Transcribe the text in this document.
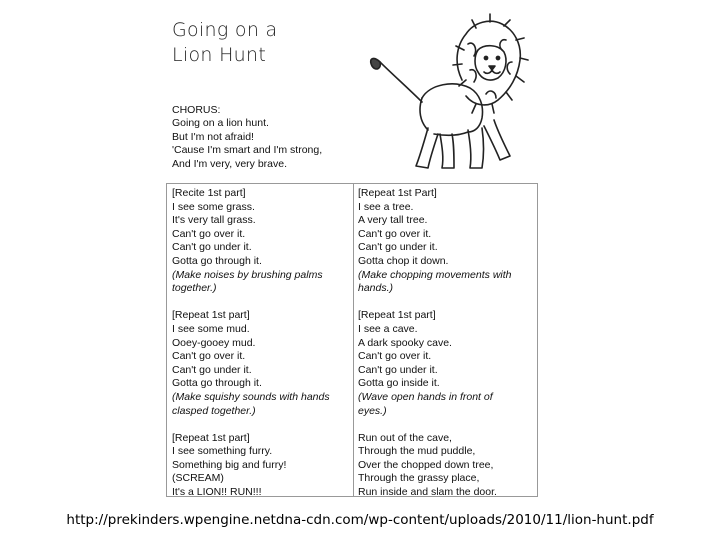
Going on a
Lion Hunt
CHORUS:
Going on a lion hunt.
But I'm not afraid!
'Cause I'm smart and I'm strong,
And I'm very, very brave.
[Recite 1st part]
I see some grass.
It's very tall grass.
Can't go over it.
Can't go under it.
Gotta go through it.
(Make noises by brushing palms
together.)
[Repeat 1st part]
I see some mud.
Ooey-gooey mud.
Can't go over it.
Can't go under it.
Gotta go through it.
(Make squishy sounds with hands
clasped together.)
[Repeat 1st part]
I see something furry.
Something big and furry!
(SCREAM)
It's a LION!! RUN!!!
[Repeat 1st Part]
I see a tree.
A very tall tree.
Can't go over it.
Can't go under it.
Gotta chop it down.
(Make chopping movements with
hands.)
[Repeat 1st part]
I see a cave.
A dark spooky cave.
Can't go over it.
Can't go under it.
Gotta go inside it.
(Wave open hands in front of
eyes.)
Run out of the cave,
Through the mud puddle,
Over the chopped down tree,
Through the grassy place,
Run inside and slam the door.
http://prekinders.wpengine.netdna-cdn.com/wp-content/uploads/2010/11/lion-hunt.pdf
